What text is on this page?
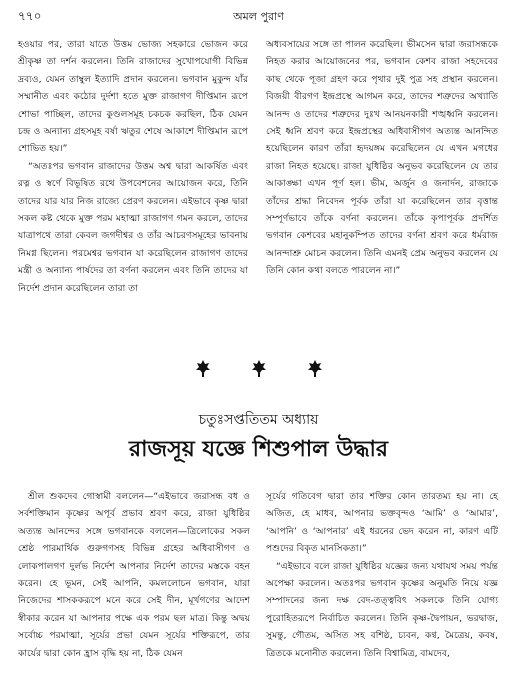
৭৭০	অমল পুরাণ

হওয়ার পর, তারা যাতে উত্তম ভোজ্য সহকারে ভোজন করে শ্রীকৃষ্ণ তা দর্শন করলেন। তিনি রাজাদের সুখোপযোগী বিভিন্ন দ্রব্যও, যেমন তাম্বুল ইত্যাদি প্রদান করলেন। ভগবান মুকুন্দ যাঁর সম্মানীত এবং কঠোর দুর্দশা হতে মুক্ত রাজাগণ দীপ্তিমান রূপে শোভা পাচ্ছিল, তাদের কুণ্ডলসমূহ চকচক করছিল, ঠিক যেমন চন্দ্র ও অন্যান্য গ্রহসমূহ বর্ষা ঋতুর শেষে আকাশে দীপ্তিমান রূপে শোভিত হয়।”

“অতঃপর ভগবান রাজাদের উত্তম অশ্ব দ্বারা আকর্ষিত এবং রত্ন ও স্বর্ণে বিভূষিত রথে উপবেশনের আয়োজন করে, তিনি তাদের যার যার নিজ রাজ্যে প্রেরণ করলেন। এইভাবে কৃষ্ণ দ্বারা সকল কষ্ট থেকে মুক্ত পরম মহাত্মা রাজাগণ গমন করলে, তাদের যাত্রাপথে তারা কেবল জগদীশ্বর ও তাঁর আচরণসমূহের ভাবনায় নিমগ্ন ছিলেন। পরমেশ্বর ভগবান যা করেছিলেন রাজাগণ তাদের মন্ত্রী ও অন্যান্য পার্ষদের তা বর্ণনা করলেন এবং তিনি তাদের যা নির্দেশ প্রদান করেছিলেন তারা তা

অধ্যবসায়ের সঙ্গে তা পালন করেছিল। ভীমসেন দ্বারা জরাসন্ধকে নিহত করার আয়োজনের পর, ভগবান কেশব রাজা সহদেবের কাছ থেকে পূজা গ্রহণ করে পৃথার দুই পুত্র সহ প্রস্থান করলেন। বিজয়ী বীরগণ ইন্দ্রপ্রস্থে আগমন করে, তাদের শত্রুদের অখ্যাতি আনন্দ ও তাদের শত্রুদের দুঃখ আনয়নকারী শঙ্খধ্বনি করলেন। সেই ধ্বনি শ্রবণ করে ইন্দ্রপ্রস্থের অধিবাসীগণ অত্যন্ত আনন্দিত হয়েছিলেন কারণ তাঁরা হৃদয়ঙ্গম করেছিলেন যে এখন মগধের রাজা নিহত হয়েছে। রাজা যুধিষ্ঠির অনুভব করেছিলেন যে তার আকাঙ্ক্ষা এখন পূর্ণ হল। ভীম, অর্জুন ও জনার্দন, রাজাকে তাঁদের শ্রদ্ধা নিবেদন পূর্বক তাঁরা যা করেছিলেন তার বৃত্তান্ত সম্পূর্ণভাবে তাঁকে বর্ণনা করলেন। তাঁকে কৃপাপূর্বক প্রদর্শিত ভগবান কেশবের মহানুকম্পিত তাদের বর্ণনা শ্রবণ করে ধর্মরাজ আনন্দাশ্রু মোচন করলেন। তিনি এমনই প্রেম অনুভব করলেন যে তিনি কোন কথা বলতে পারলেন না।”

চতুঃসপ্ততিতম অধ্যায়
রাজসূয় যজ্ঞে শিশুপাল উদ্ধার

শ্রীল শুকদেব গোস্বামী বললেন—“এইভাবে জরাসন্ধ বধ ও সর্বশক্তিমান কৃষ্ণের অপূর্ব প্রভাব শ্রবণ করে, রাজা যুধিষ্ঠির অত্যন্ত আনন্দের সঙ্গে ভগবানকে বললেন—ত্রিলোকের সকল শ্রেষ্ঠ পারমার্থিক গুরুগণসহ বিভিন্ন গ্রহের অধিবাসীগণ ও লোকপালগণ দুর্লভ নির্দেশ আপনার নির্দেশ তাদের মস্তকে বহন করেন। হে ভূমন, সেই আপনি, কমললোচন ভগবান, যারা নিজেদের শাসককরূপে মনে করে সেই দীন, মূর্খগণের আদেশ স্বীকার করেন যা আপনার পক্ষে এক পরম ছল মাত্র। কিন্তু অদ্বয় সর্বোচ্চ পরমাত্মা, সূর্যের প্রভা যেমন সূর্যের শক্তিরূপে, তার কার্যের দ্বারা কোন হ্রাস বৃদ্ধি হয় না, ঠিক যেমন

সূর্যের গতিবেগ দ্বারা তার শক্তির কোন তারতম্য হয় না। হে অজিত, হে মাধব, আপনার ভক্তবৃন্দও ‘আমি’ ও ‘আমার’, ‘আপনি’ ও ‘আপনার’ এই ধরনের ভেদ করেন না, কারণ এটি পশুদের বিকৃত মানসিকতা।”

“এইভাবে বলে রাজা যুধিষ্ঠির যজ্ঞের জন্য যথাযথ সময় পর্যন্ত অপেক্ষা করলেন। অতঃপর ভগবান কৃষ্ণের অনুমতি নিয়ে যজ্ঞ সম্পাদনের জন্য দক্ষ বেদ-তত্ত্ববিৎ সকলকে তিনি যোগ্য পুরোহিতরূপে নির্বাচিত করলেন। তিনি কৃষ্ণ-দ্বৈপায়ন, ভরদ্বাজ, সুমন্তু, গৌতম, অসিত সহ বশিষ্ঠ, চ্যবন, কণ্ব, মৈত্রেয়, কবষ, ত্রিতকে মনোনীত করলেন। তিনি বিশ্বামিত্র, বামদেব,
